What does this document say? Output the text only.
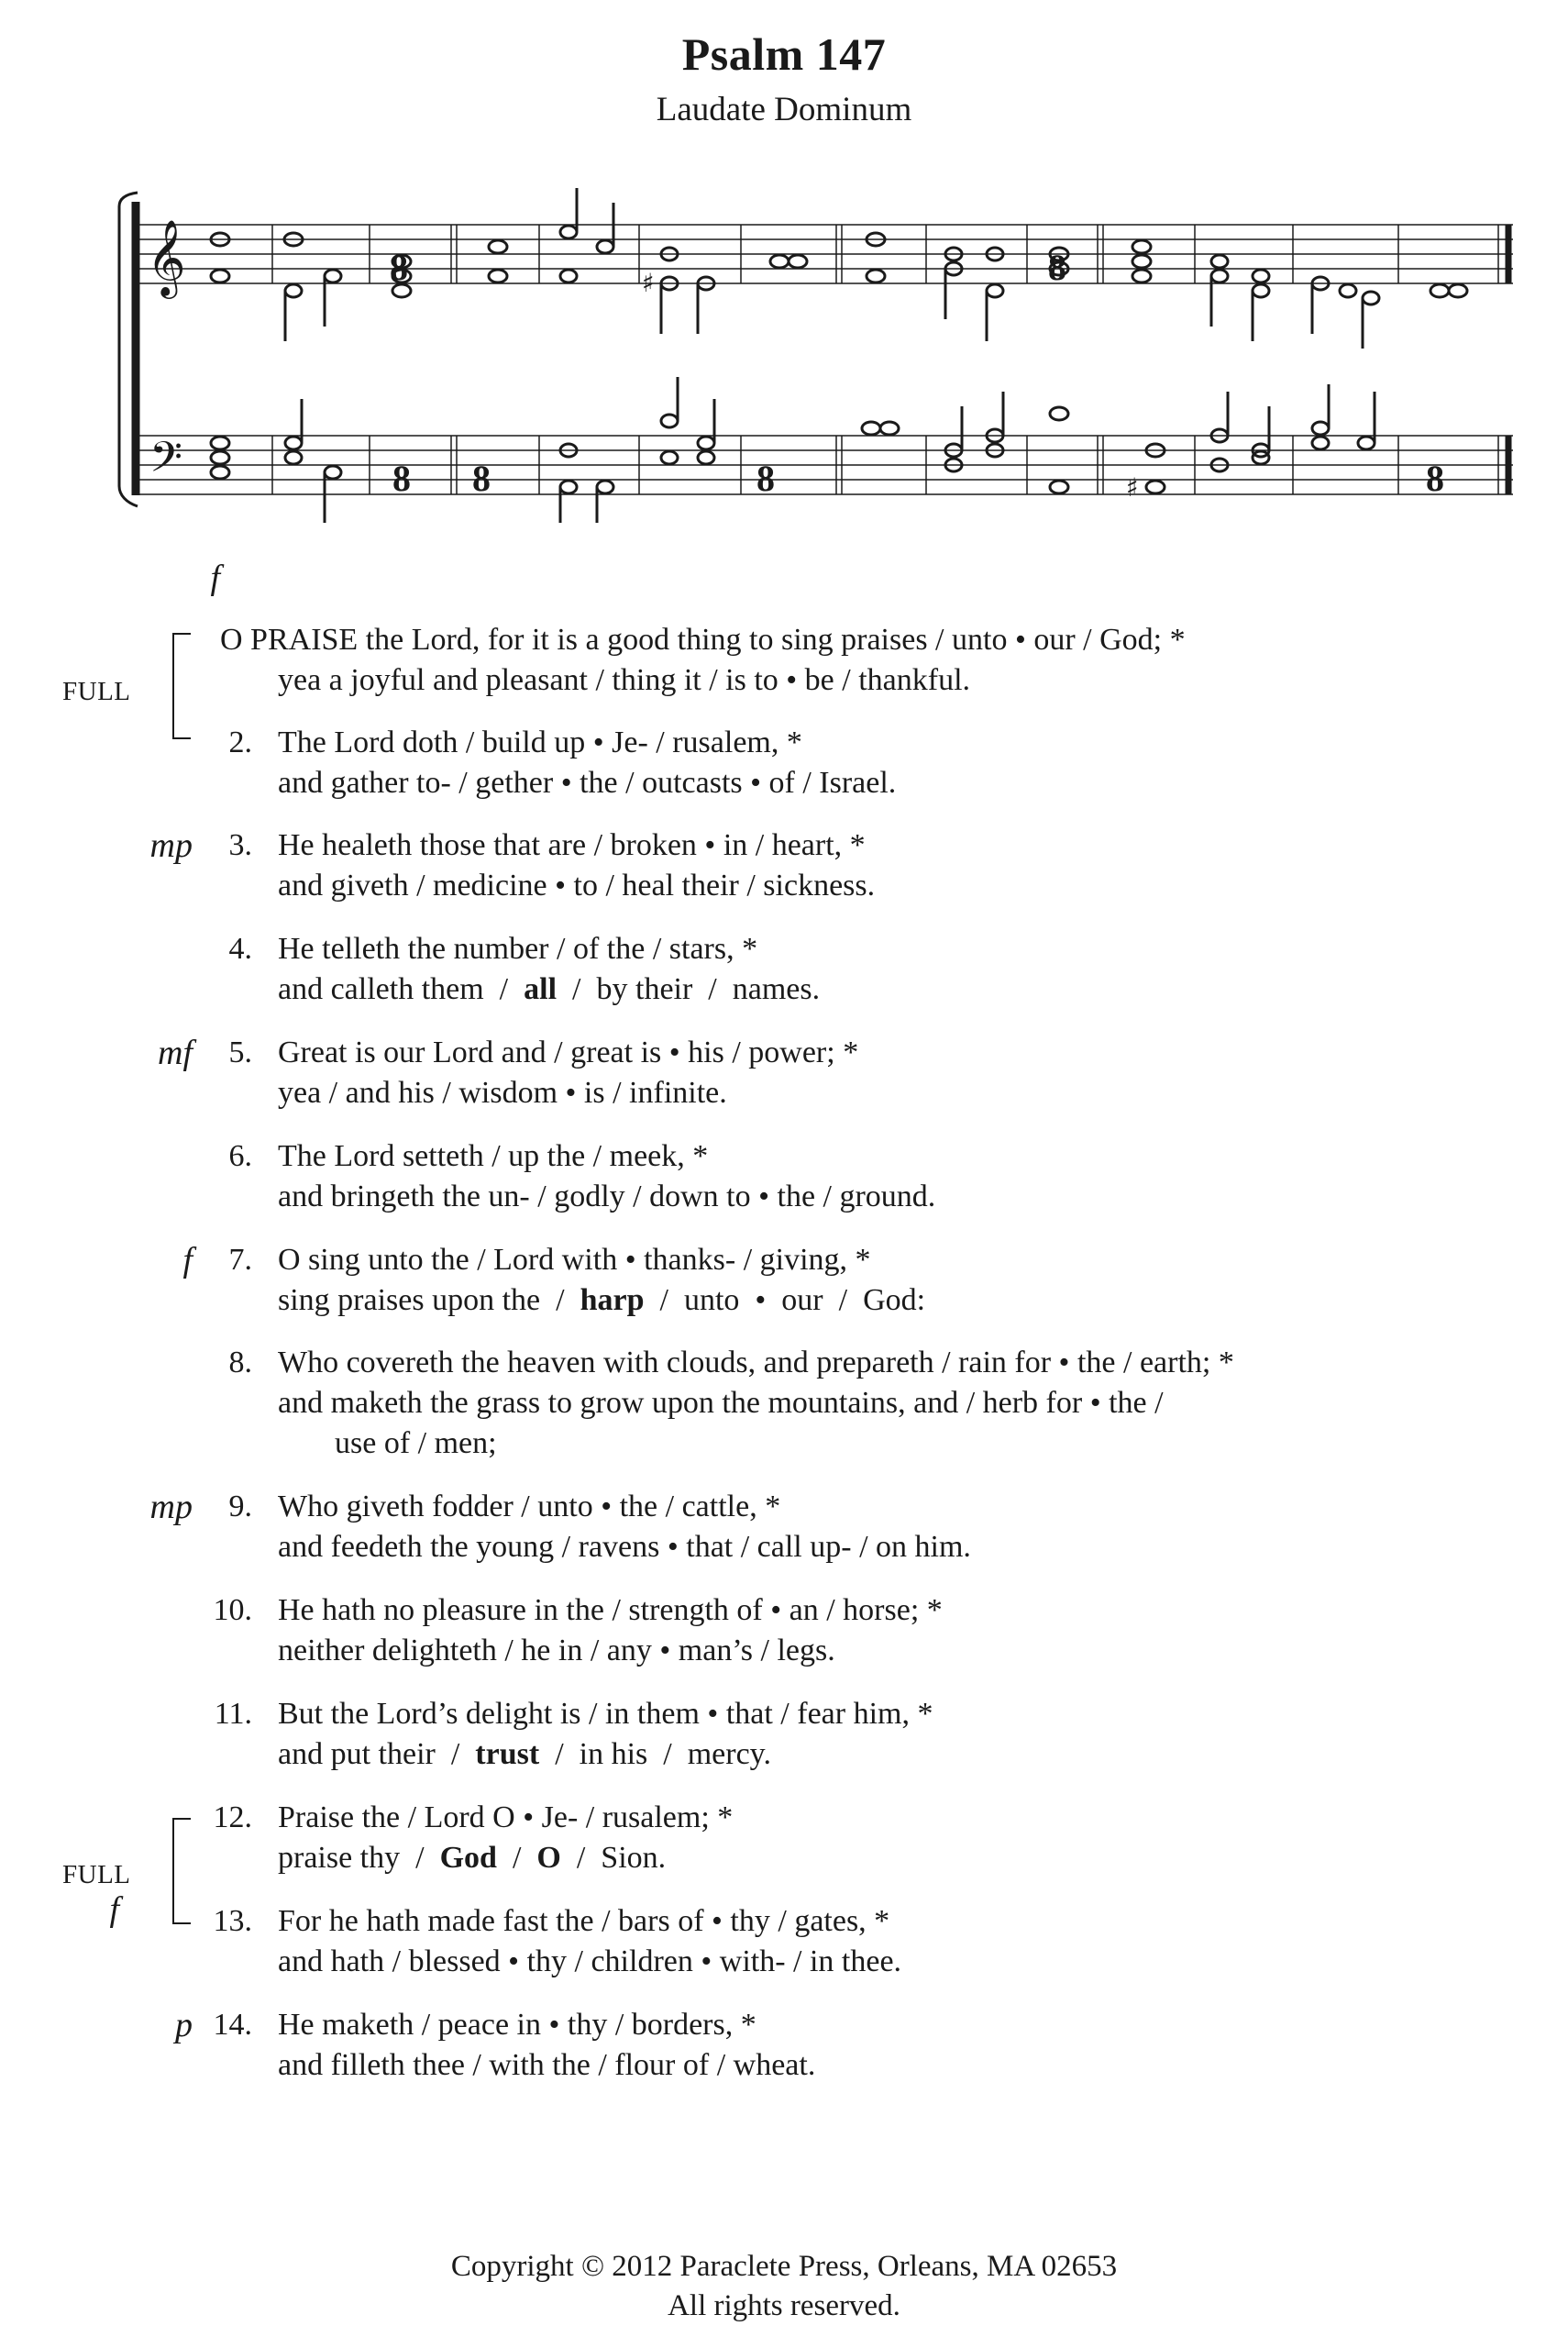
Psalm 147
Laudate Dominum
𝄞
𝄢
8	8
8 8	8	8
♯
♯
f
FULL
O PRAISE the Lord, for it is a good thing to sing praises / unto • our / God; *
yea a joyful and pleasant / thing it / is to • be / thankful.
2. The Lord doth / build up • Je- / rusalem, *
and gather to- / gether • the / outcasts • of / Israel.
mp	3. He healeth those that are / broken • in / heart, *
and giveth / medicine • to / heal their / sickness.
4. He telleth the number / of the / stars, *
and calleth them  /  all  /  by their  /  names.
mf	5. Great is our Lord and / great is • his / power; *
yea / and his / wisdom • is / infinite.
6. The Lord setteth / up the / meek, *
and bringeth the un- / godly / down to • the / ground.
f	7. O sing unto the / Lord with • thanks- / giving, *
sing praises upon the  /  harp  /  unto  •  our  /  God:
8. Who covereth the heaven with clouds, and prepareth / rain for • the / earth; *
and maketh the grass to grow upon the mountains, and / herb for • the /
use of / men;
mp	9. Who giveth fodder / unto • the / cattle, *
and feedeth the young / ravens • that / call up- / on him.
10. He hath no pleasure in the / strength of • an / horse; *
neither delighteth / he in / any • man’s / legs.
11. But the Lord’s delight is / in them • that / fear him, *
and put their  /  trust  /  in his  /  mercy.
FULL
f
12. Praise the / Lord O • Je- / rusalem; *
praise thy  /  God  /  O  /  Sion.
13. For he hath made fast the / bars of • thy / gates, *
and hath / blessed • thy / children • with- / in thee.
p 14. He maketh / peace in • thy / borders, *
and filleth thee / with the / flour of / wheat.
Copyright © 2012 Paraclete Press, Orleans, MA 02653
All rights reserved.
